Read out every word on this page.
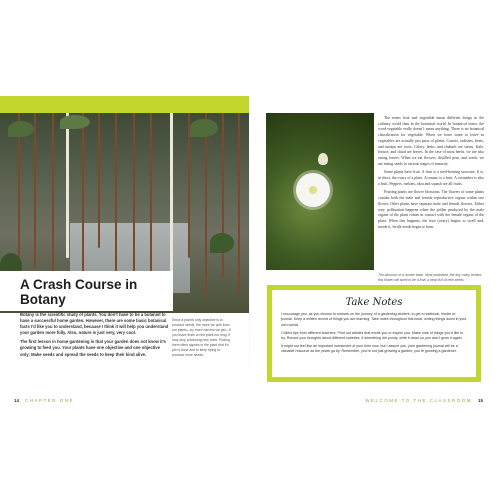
A Crash Course in Botany

Botany is the scientific study of plants. You don’t have to be a botanist to have a successful home garden. However, there are some basic botanical facts I’d like you to understand, because I think it will help you understand your garden more fully. Also, nature is just very, very cool.

The first lesson in home gardening is that your garden does not know it’s growing to feed you. Your plants have one objective and one objective only: Make seeds and spread the seeds to keep their kind alive.

Since a plant’s only objective is to produce seeds, the more we pick from our plants—by more harvest we get—if you leave fruits on the plant too long, it may stop producing new ones. Picking them often signals to the plant that it’s job is done and to keep trying to produce more seeds.
14 CHAPTER ONE

The terms fruit and vegetable mean different things in the culinary world than in the botanical world. In botanical terms, the word vegetable really doesn’t mean anything. There is no botanical classification for vegetable. When we leave some to leave as vegetables are actually just parts of plants. Carrots, radishes, beets, and turnips are roots. Celery, leeks, and rhubarb are stems. Kale, lettuce, and chard are leaves. In the case of most herbs, we are also eating leaves. When we eat flowers, distilled peas, and seeds, we are eating seeds in various stages of maturity.

Some plants have fruit. A fruit is a seed-bearing structure. It is, in short, the ovary of a plant. A tomato is a fruit. A cucumber is also a fruit. Peppers, melons, okra and squash are all fruits.

Fruiting plants are flower blossoms. The flowers of some plants contain both the male and female reproductive organs within one flower. Other plants have separate male and female flowers. Either way, pollination happens when the pollen produced by the male organs of the plant comes in contact with the female organs of the plant. When this happens, the fruit (ovary) begins to swell and, inside it, fertile seeds begin to form.

The blossom of a runner bean. Most pollinated, the tiny ovary behind this flower will swell to be a fruit: a bean full of new seeds.
Take Notes

I encourage you, as you choose to embark on the journey of a gardening student, to get a notebook, binder or journal. Keep a written record of things you are learning. Take notes throughout this book, writing things down in your own words.

Collect tips from different teachers. Print out articles that excite you or inspire you. Make note of things you’d like to try. Record your thoughts about different varieties. If something did poorly, write it down so you won’t grow it again.

It might not feel like an important investment of your time now, but I assure you, your gardening journal will be a valuable resource as the years go by. Remember, you’re not just growing a garden; you’re growing a gardener.

WELCOME TO THE CLASSROOM 15
